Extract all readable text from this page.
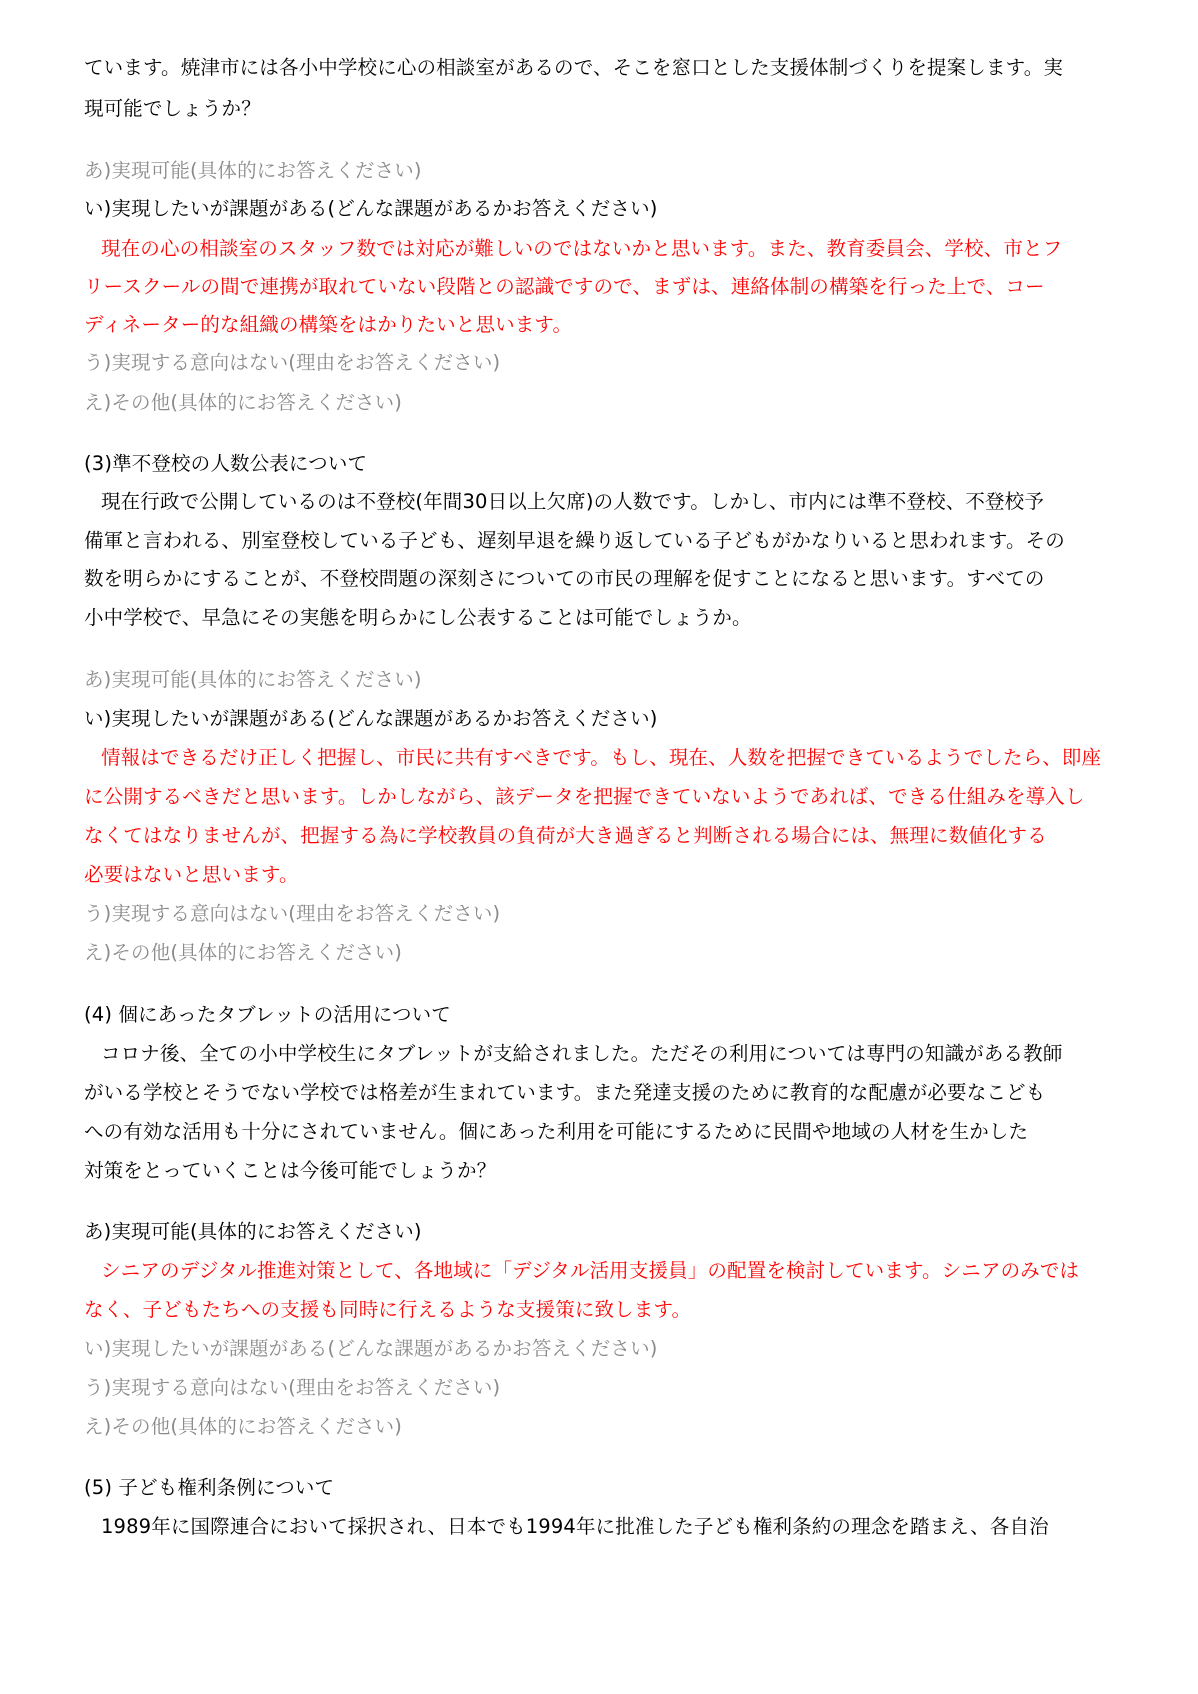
ています。焼津市には各小中学校に心の相談室があるので、そこを窓口とした支援体制づくりを提案します。実
現可能でしょうか？
あ)実現可能(具体的にお答えください)
い)実現したいが課題がある(どんな課題があるかお答えください)
現在の心の相談室のスタッフ数では対応が難しいのではないかと思います。また、教育委員会、学校、市とフ
リースクールの間で連携が取れていない段階との認識ですので、まずは、連絡体制の構築を行った上で、コー
ディネーター的な組織の構築をはかりたいと思います。
う)実現する意向はない(理由をお答えください)
え)その他(具体的にお答えください)
(3)準不登校の人数公表について
現在行政で公開しているのは不登校(年間30日以上欠席)の人数です。しかし、市内には準不登校、不登校予
備軍と言われる、別室登校している子ども、遅刻早退を繰り返している子どもがかなりいると思われます。その
数を明らかにすることが、不登校問題の深刻さについての市民の理解を促すことになると思います。すべての
小中学校で、早急にその実態を明らかにし公表することは可能でしょうか。
あ)実現可能(具体的にお答えください)
い)実現したいが課題がある(どんな課題があるかお答えください)
情報はできるだけ正しく把握し、市民に共有すべきです。もし、現在、人数を把握できているようでしたら、即座
に公開するべきだと思います。しかしながら、該データを把握できていないようであれば、できる仕組みを導入し
なくてはなりませんが、把握する為に学校教員の負荷が大き過ぎると判断される場合には、無理に数値化する
必要はないと思います。
う)実現する意向はない(理由をお答えください)
え)その他(具体的にお答えください)
(4) 個にあったタブレットの活用について
コロナ後、全ての小中学校生にタブレットが支給されました。ただその利用については専門の知識がある教師
がいる学校とそうでない学校では格差が生まれています。また発達支援のために教育的な配慮が必要なこども
への有効な活用も十分にされていません。個にあった利用を可能にするために民間や地域の人材を生かした
対策をとっていくことは今後可能でしょうか？
あ)実現可能(具体的にお答えください)
シニアのデジタル推進対策として、各地域に「デジタル活用支援員」の配置を検討しています。シニアのみでは
なく、子どもたちへの支援も同時に行えるような支援策に致します。
い)実現したいが課題がある(どんな課題があるかお答えください)
う)実現する意向はない(理由をお答えください)
え)その他(具体的にお答えください)
(5) 子ども権利条例について
1989年に国際連合において採択され、日本でも1994年に批准した子ども権利条約の理念を踏まえ、各自治
